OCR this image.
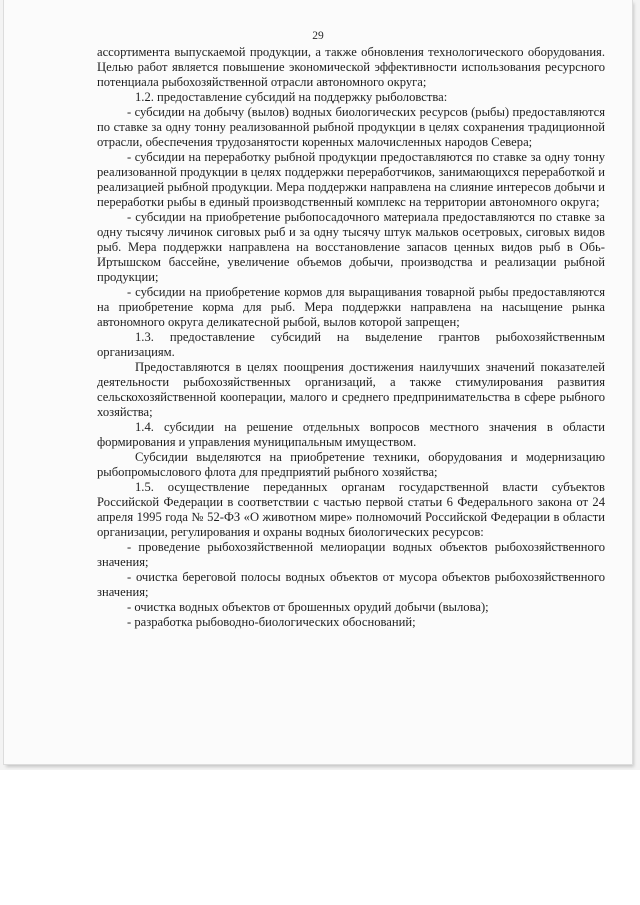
29

ассортимента выпускаемой продукции, а также обновления технологического оборудования. Целью работ является повышение экономической эффективности использования ресурсного потенциала рыбохозяйственной отрасли автономного округа;

1.2. предоставление субсидий на поддержку рыболовства:

- субсидии на добычу (вылов) водных биологических ресурсов (рыбы) предоставляются по ставке за одну тонну реализованной рыбной продукции в целях сохранения традиционной отрасли, обеспечения трудозанятости коренных малочисленных народов Севера;

- субсидии на переработку рыбной продукции предоставляются по ставке за одну тонну реализованной продукции в целях поддержки переработчиков, занимающихся переработкой и реализацией рыбной продукции. Мера поддержки направлена на слияние интересов добычи и переработки рыбы в единый производственный комплекс на территории автономного округа;

- субсидии на приобретение рыбопосадочного материала предоставляются по ставке за одну тысячу личинок сиговых рыб и за одну тысячу штук мальков осетровых, сиговых видов рыб. Мера поддержки направлена на восстановление запасов ценных видов рыб в Обь-Иртышском бассейне, увеличение объемов добычи, производства и реализации рыбной продукции;

- субсидии на приобретение кормов для выращивания товарной рыбы предоставляются на приобретение корма для рыб. Мера поддержки направлена на насыщение рынка автономного округа деликатесной рыбой, вылов которой запрещен;

1.3. предоставление субсидий на выделение грантов рыбохозяйственным организациям.

Предоставляются в целях поощрения достижения наилучших значений показателей деятельности рыбохозяйственных организаций, а также стимулирования развития сельскохозяйственной кооперации, малого и среднего предпринимательства в сфере рыбного хозяйства;

1.4. субсидии на решение отдельных вопросов местного значения в области формирования и управления муниципальным имуществом.

Субсидии выделяются на приобретение техники, оборудования и модернизацию рыбопромыслового флота для предприятий рыбного хозяйства;

1.5. осуществление переданных органам государственной власти субъектов Российской Федерации в соответствии с частью первой статьи 6 Федерального закона от 24 апреля 1995 года № 52-ФЗ «О животном мире» полномочий Российской Федерации в области организации, регулирования и охраны водных биологических ресурсов:

- проведение рыбохозяйственной мелиорации водных объектов рыбохозяйственного значения;

- очистка береговой полосы водных объектов от мусора объектов рыбохозяйственного значения;

- очистка водных объектов от брошенных орудий добычи (вылова);

- разработка рыбоводно-биологических обоснований;
